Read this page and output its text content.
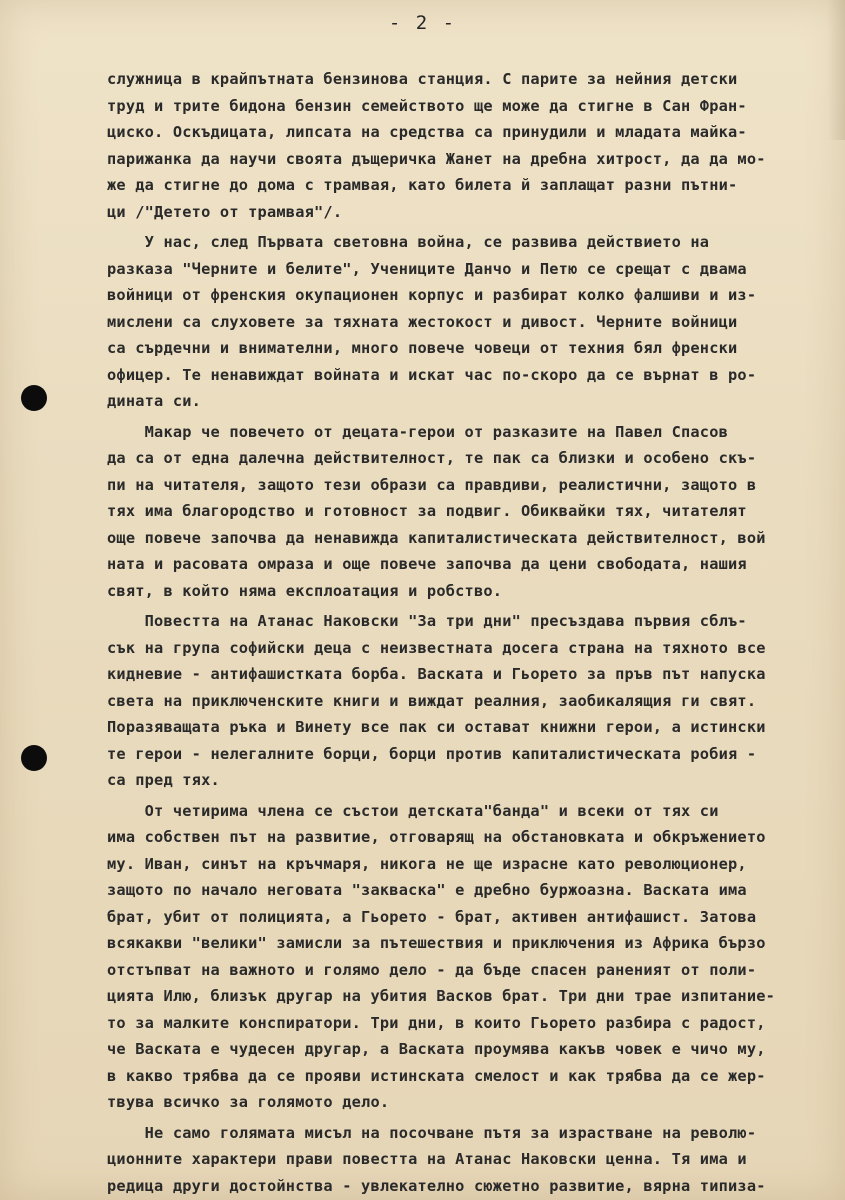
- 2 -
служница в крайпътната бензинова станция. С парите за нейния детски
труд и трите бидона бензин семейството ще може да стигне в Сан Фран-
циско. Оскъдицата, липсата на средства са принудили и младата майка-
парижанка да научи своята дъщеричка Жанет на дребна хитрост, да да мо-
же да стигне до дома с трамвая, като билета й заплащат разни пътни-
ци /"Детето от трамвая"/.
У нас, след Първата световна война, се развива действието на
разказа "Черните и белите", Учениците Данчо и Петю се срещат с двама
войници от френския окупационен корпус и разбират колко фалшиви и из-
мислени са слуховете за тяхната жестокост и дивост. Черните войници
са сърдечни и внимателни, много повече човеци от техния бял френски
офицер. Те ненавиждат войната и искат час по-скоро да се върнат в ро-
дината си.
Макар че повечето от децата-герои от разказите на Павел Спасов
да са от една далечна действителност, те пак са близки и особено скъ-
пи на читателя, защото тези образи са правдиви, реалистични, защото в
тях има благородство и готовност за подвиг. Обиквайки тях, читателят
още повече започва да ненавижда капиталистическата действителност, вой
ната и расовата омраза и още повече започва да цени свободата, нашия
свят, в който няма експлоатация и робство.
Повестта на Атанас Наковски "За три дни" пресъздава първия сблъ-
сък на група софийски деца с неизвестната досега страна на тяхното все
кидневие - антифашистката борба. Васката и Гьорето за пръв път напуска
света на приключенските книги и виждат реалния, заобикалящия ги свят.
Поразяващата ръка и Винету все пак си остават книжни герои, а истински
те герои - нелегалните борци, борци против капиталистическата робия -
са пред тях.
От четирима члена се състои детската"банда" и всеки от тях си
има собствен път на развитие, отговарящ на обстановката и обкръжението
му. Иван, синът на кръчмаря, никога не ще израсне като революционер,
защото по начало неговата "закваска" е дребно буржоазна. Васката има
брат, убит от полицията, а Гьорето - брат, активен антифашист. Затова
всякакви "велики" замисли за пътешествия и приключения из Африка бързо
отстъпват на важното и голямо дело - да бъде спасен раненият от поли-
цията Илю, близък другар на убития Васков брат. Три дни трае изпитание-
то за малките конспиратори. Три дни, в които Гьорето разбира с радост,
че Васката е чудесен другар, а Васката проумява какъв човек е чичо му,
в какво трябва да се прояви истинската смелост и как трябва да се жер-
твува всичко за голямото дело.
Не само голямата мисъл на посочване пътя за израстване на револю-
ционните характери прави повестта на Атанас Наковски ценна. Тя има и
редица други достойнства - увлекателно сюжетно развитие, вярна типиза-
